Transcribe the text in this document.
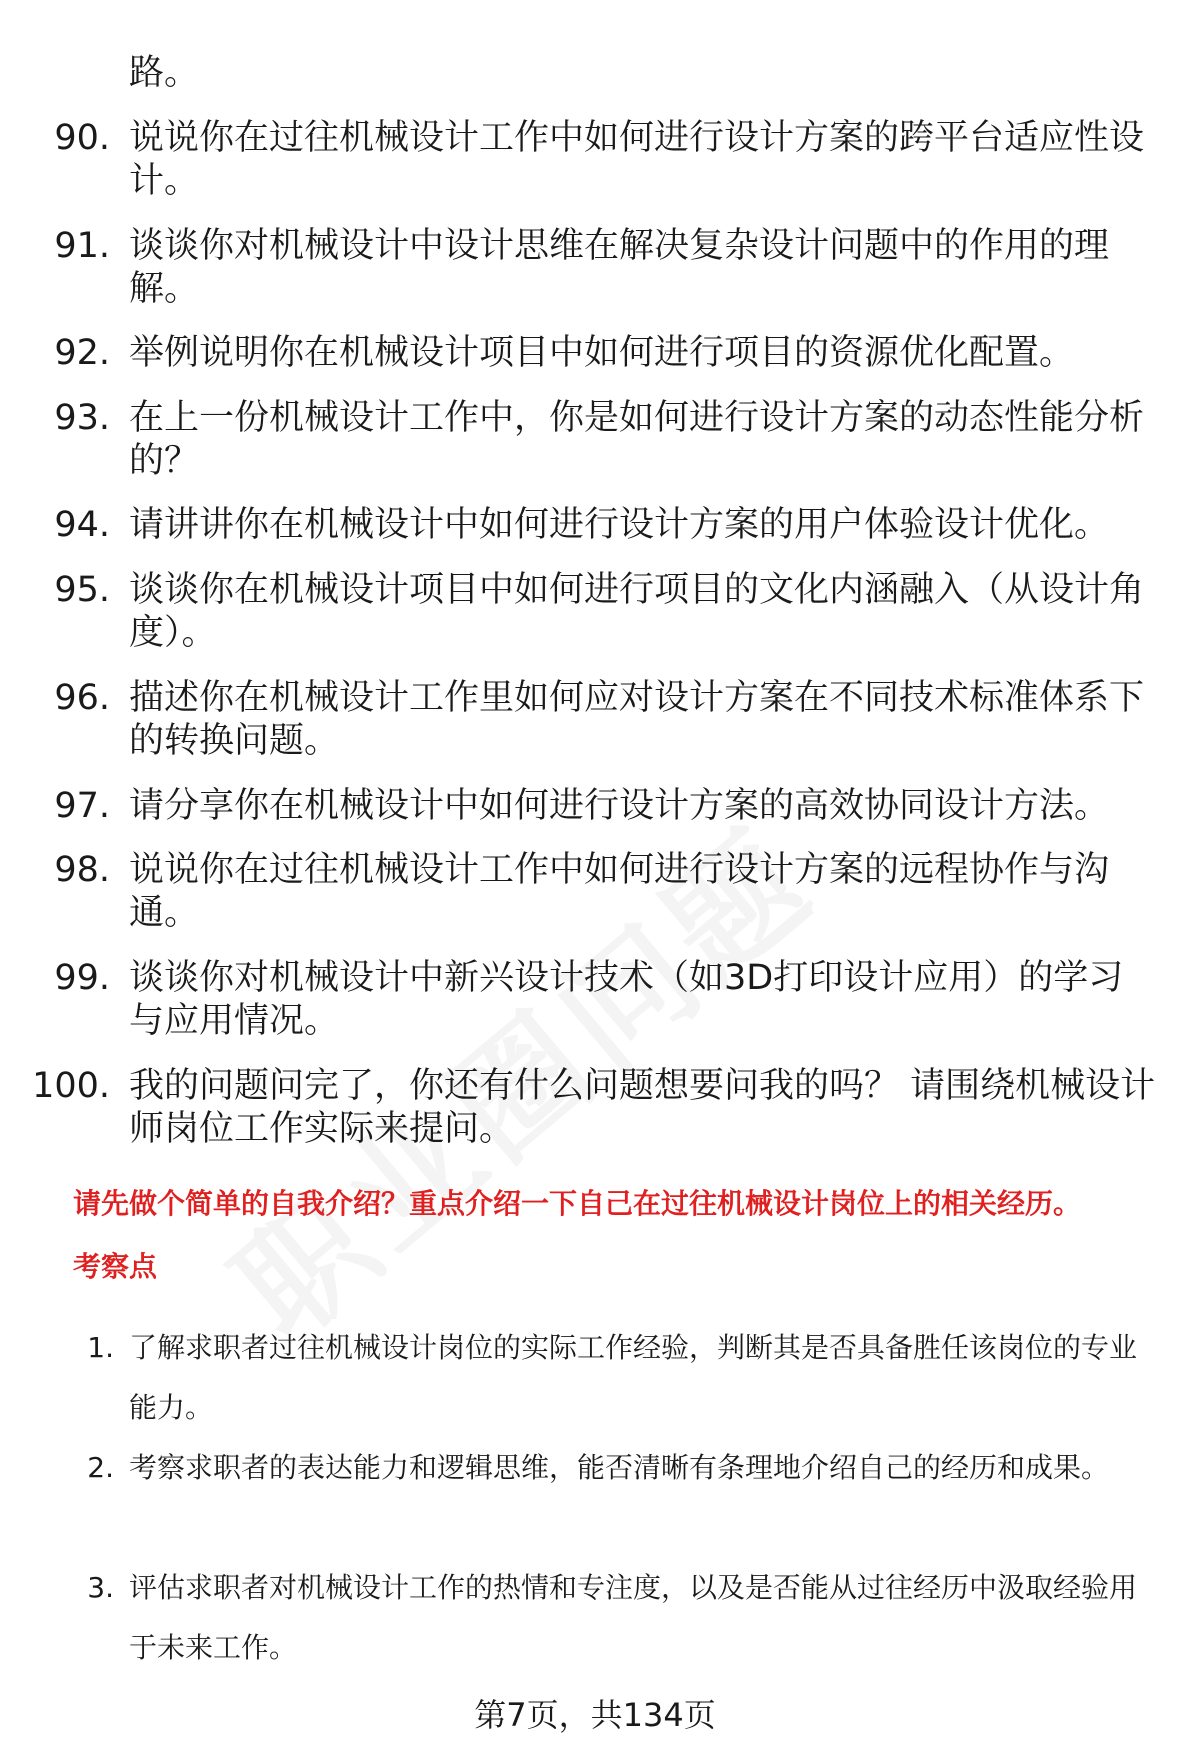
路。
90. 说说你在过往机械设计工作中如何进行设计方案的跨平台适应性设计。
91. 谈谈你对机械设计中设计思维在解决复杂设计问题中的作用的理解。
92. 举例说明你在机械设计项目中如何进行项目的资源优化配置。
93. 在上一份机械设计工作中，你是如何进行设计方案的动态性能分析的？
94. 请讲讲你在机械设计中如何进行设计方案的用户体验设计优化。
95. 谈谈你在机械设计项目中如何进行项目的文化内涵融入（从设计角度）。
96. 描述你在机械设计工作里如何应对设计方案在不同技术标准体系下的转换问题。
97. 请分享你在机械设计中如何进行设计方案的高效协同设计方法。
98. 说说你在过往机械设计工作中如何进行设计方案的远程协作与沟通。
99. 谈谈你对机械设计中新兴设计技术（如3D打印设计应用）的学习与应用情况。
100. 我的问题问完了，你还有什么问题想要问我的吗？ 请围绕机械设计师岗位工作实际来提问。
请先做个简单的自我介绍？重点介绍一下自己在过往机械设计岗位上的相关经历。
考察点
1. 了解求职者过往机械设计岗位的实际工作经验，判断其是否具备胜任该岗位的专业能力。
2. 考察求职者的表达能力和逻辑思维，能否清晰有条理地介绍自己的经历和成果。
3. 评估求职者对机械设计工作的热情和专注度，以及是否能从过往经历中汲取经验用于未来工作。
第7页，共134页
